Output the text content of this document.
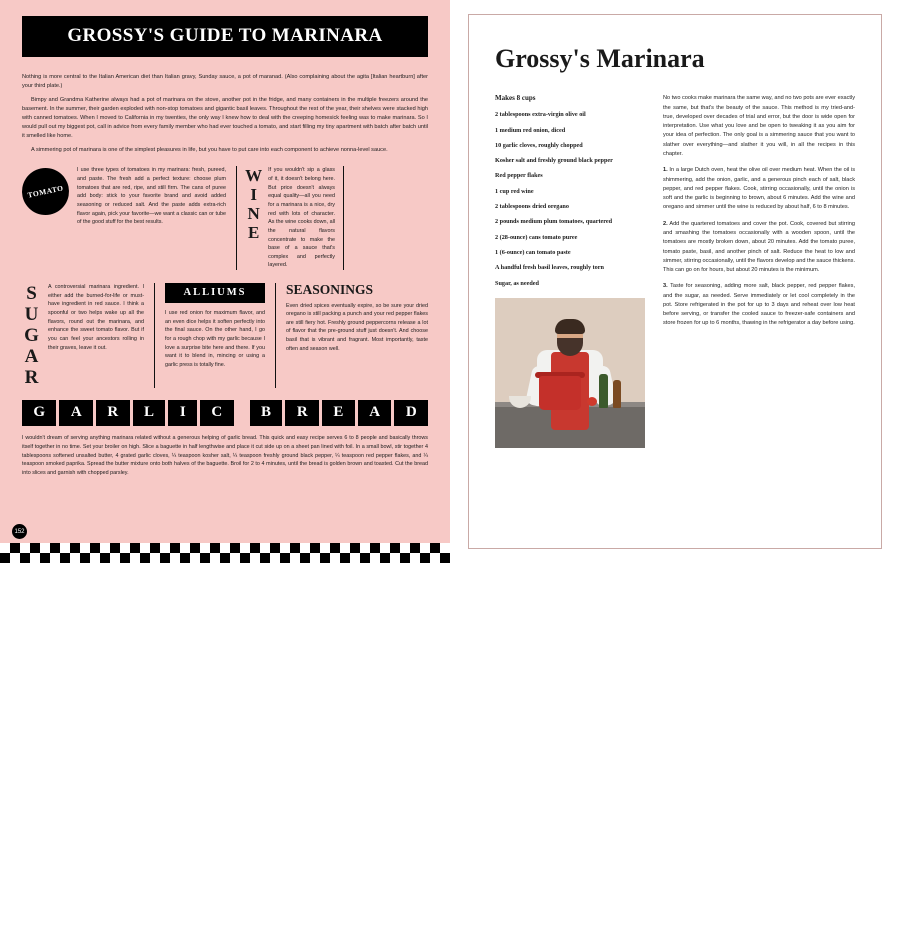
GROSSY'S GUIDE TO MARINARA

Nothing is more central to the Italian American diet than Italian gravy, Sunday sauce, a pot of maranad. (Also complaining about the agita [Italian heartburn] after your third plate.)

Bimpy and Grandma Katherine always had a pot of marinara on the stove, another pot in the fridge, and many containers in the multiple freezers around the basement. In the summer, their garden exploded with non-stop tomatoes and gigantic basil leaves. Throughout the rest of the year, their shelves were stacked high with canned tomatoes. When I moved to California in my twenties, the only way I knew how to deal with the creeping homesick feeling was to make marinara. So I would pull out my biggest pot, call in advice from every family member who had ever touched a tomato, and start filling my tiny apartment with batch after batch until it smelled like home.

A simmering pot of marinara is one of the simplest pleasures in life, but you have to put care into each component to achieve nonna-level sauce.

TOMATO
I use three types of tomatoes in my marinara: fresh, pureed, and paste. The fresh add a perfect texture: choose plum tomatoes that are red, ripe, and still firm. The cans of puree add body: stick to your favorite brand and avoid added seasoning or reduced salt. And the paste adds extra-rich flavor again, pick your favorite—we want a classic can or tube of the good stuff for the best results.	WINE If you wouldn't sip a glass of it, it doesn't belong here. But price doesn't always equal quality—all you need for a marinara is a nice, dry red with lots of character. As the wine cooks down, all the natural flavors concentrate to make the base of a sauce that's complex and perfectly layered.
SUGAR A controversial marinara ingredient. I either add the burned-for-life or must-have ingredient in red sauce. I think a spoonful or two helps wake up all the flavors, round out the marinara, and enhance the sweet tomato flavor. But if you can feel your ancestors rolling in their graves, leave it out.
ALLIUMS
I use red onion for maximum flavor, and an even dice helps it soften perfectly into the final sauce. On the other hand, I go for a rough chop with my garlic because I love a surprise bite here and there. If you want it to blend in, mincing or using a garlic press is totally fine.
SEASONINGS
Even dried spices eventually expire, so be sure your dried oregano is still packing a punch and your red pepper flakes are still fiery hot. Freshly ground peppercorns release a lot of flavor that the pre-ground stuff just doesn't. And choose basil that is vibrant and fragrant. Most importantly, taste often and season well.
G	A	R	L	I	C	B	R	E	A	D
I wouldn't dream of serving anything marinara related without a generous helping of garlic bread. This quick and easy recipe serves 6 to 8 people and basically throws itself together in no time. Set your broiler on high. Slice a baguette in half lengthwise and place it cut side up on a sheet pan lined with foil. In a small bowl, stir together 4 tablespoons softened unsalted butter, 4 grated garlic cloves, ¼ teaspoon kosher salt, ¼ teaspoon freshly ground black pepper, ¼ teaspoon red pepper flakes, and ¼ teaspoon smoked paprika. Spread the butter mixture onto both halves of the baguette. Broil for 2 to 4 minutes, until the bread is golden brown and toasted. Cut the bread into slices and garnish with chopped parsley.
152
Grossy's Marinara
Makes 8 cups
2 tablespoons extra-virgin olive oil
1 medium red onion, diced
10 garlic cloves, roughly chopped
Kosher salt and freshly ground black pepper
Red pepper flakes
1 cup red wine
2 tablespoons dried oregano
2 pounds medium plum tomatoes, quartered
2 (28-ounce) cans tomato puree
1 (6-ounce) can tomato paste
A handful fresh basil leaves, roughly torn
Sugar, as needed

No two cooks make marinara the same way, and no two pots are ever exactly the same, but that's the beauty of the sauce. This method is my tried-and-true, developed over decades of trial and error, but the door is wide open for interpretation. Use what you love and be open to tweaking it as you aim for your idea of perfection. The only goal is a simmering sauce that you want to slather over everything—and slather it you will, in all the recipes in this chapter.

1. In a large Dutch oven, heat the olive oil over medium heat. When the oil is shimmering, add the onion, garlic, and a generous pinch each of salt, black pepper, and red pepper flakes. Cook, stirring occasionally, until the onion is soft and the garlic is beginning to brown, about 6 minutes. Add the wine and oregano and simmer until the wine is reduced by about half, 6 to 8 minutes.

2. Add the quartered tomatoes and cover the pot. Cook, covered but stirring and smashing the tomatoes occasionally with a wooden spoon, until the tomatoes are mostly broken down, about 20 minutes. Add the tomato puree, tomato paste, basil, and another pinch of salt. Reduce the heat to low and simmer, stirring occasionally, until the flavors develop and the sauce thickens. This can go on for hours, but about 20 minutes is the minimum.

3. Taste for seasoning, adding more salt, black pepper, red pepper flakes, and the sugar, as needed. Serve immediately or let cool completely in the pot. Store refrigerated in the pot for up to 3 days and reheat over low heat before serving, or transfer the cooled sauce to freezer-safe containers and store frozen for up to 6 months, thawing in the refrigerator a day before using.
